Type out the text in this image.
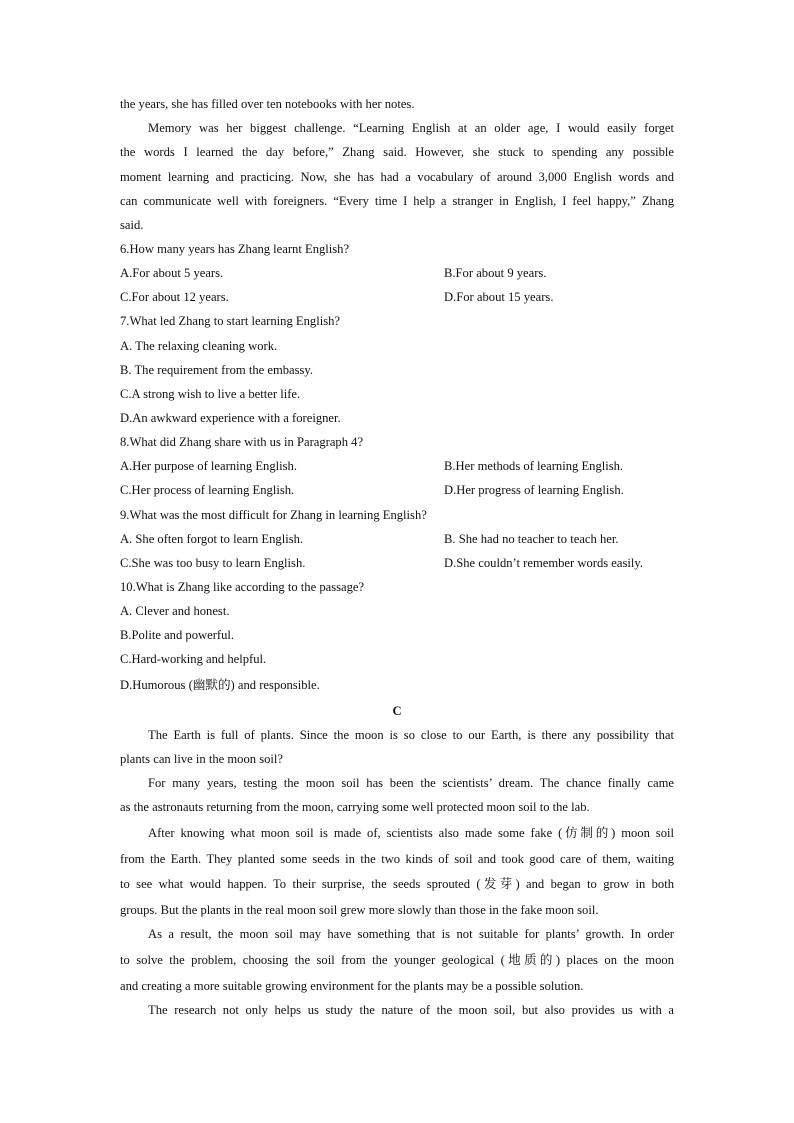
the years, she has filled over ten notebooks with her notes.
Memory was her biggest challenge. “Learning English at an older age, I would easily forget
the words I learned the day before,” Zhang said. However, she stuck to spending any possible
moment learning and practicing. Now, she has had a vocabulary of around 3,000 English words and
can communicate well with foreigners. “Every time I help a stranger in English, I feel happy,” Zhang
said.
6.How many years has Zhang learnt English?
A.For about 5 years.	B.For about 9 years.
C.For about 12 years.	D.For about 15 years.
7.What led Zhang to start learning English?
A. The relaxing cleaning work.
B. The requirement from the embassy.
C.A strong wish to live a better life.
D.An awkward experience with a foreigner.
8.What did Zhang share with us in Paragraph 4?
A.Her purpose of learning English.	B.Her methods of learning English.
C.Her process of learning English.	D.Her progress of learning English.
9.What was the most difficult for Zhang in learning English?
A. She often forgot to learn English.	B. She had no teacher to teach her.
C.She was too busy to learn English.	D.She couldn’t remember words easily.
10.What is Zhang like according to the passage?
A. Clever and honest.
B.Polite and powerful.
C.Hard-working and helpful.
D.Humorous (幽默的) and responsible.
C
The Earth is full of plants. Since the moon is so close to our Earth, is there any possibility that
plants can live in the moon soil?
For many years, testing the moon soil has been the scientists’ dream. The chance finally came
as the astronauts returning from the moon, carrying some well protected moon soil to the lab.
After knowing what moon soil is made of, scientists also made some fake (仿制的) moon soil
from the Earth. They planted some seeds in the two kinds of soil and took good care of them, waiting
to see what would happen. To their surprise, the seeds sprouted (发芽) and began to grow in both
groups. But the plants in the real moon soil grew more slowly than those in the fake moon soil.
As a result, the moon soil may have something that is not suitable for plants’ growth. In order
to solve the problem, choosing the soil from the younger geological (地质的) places on the moon
and creating a more suitable growing environment for the plants may be a possible solution.
The research not only helps us study the nature of the moon soil, but also provides us with a
